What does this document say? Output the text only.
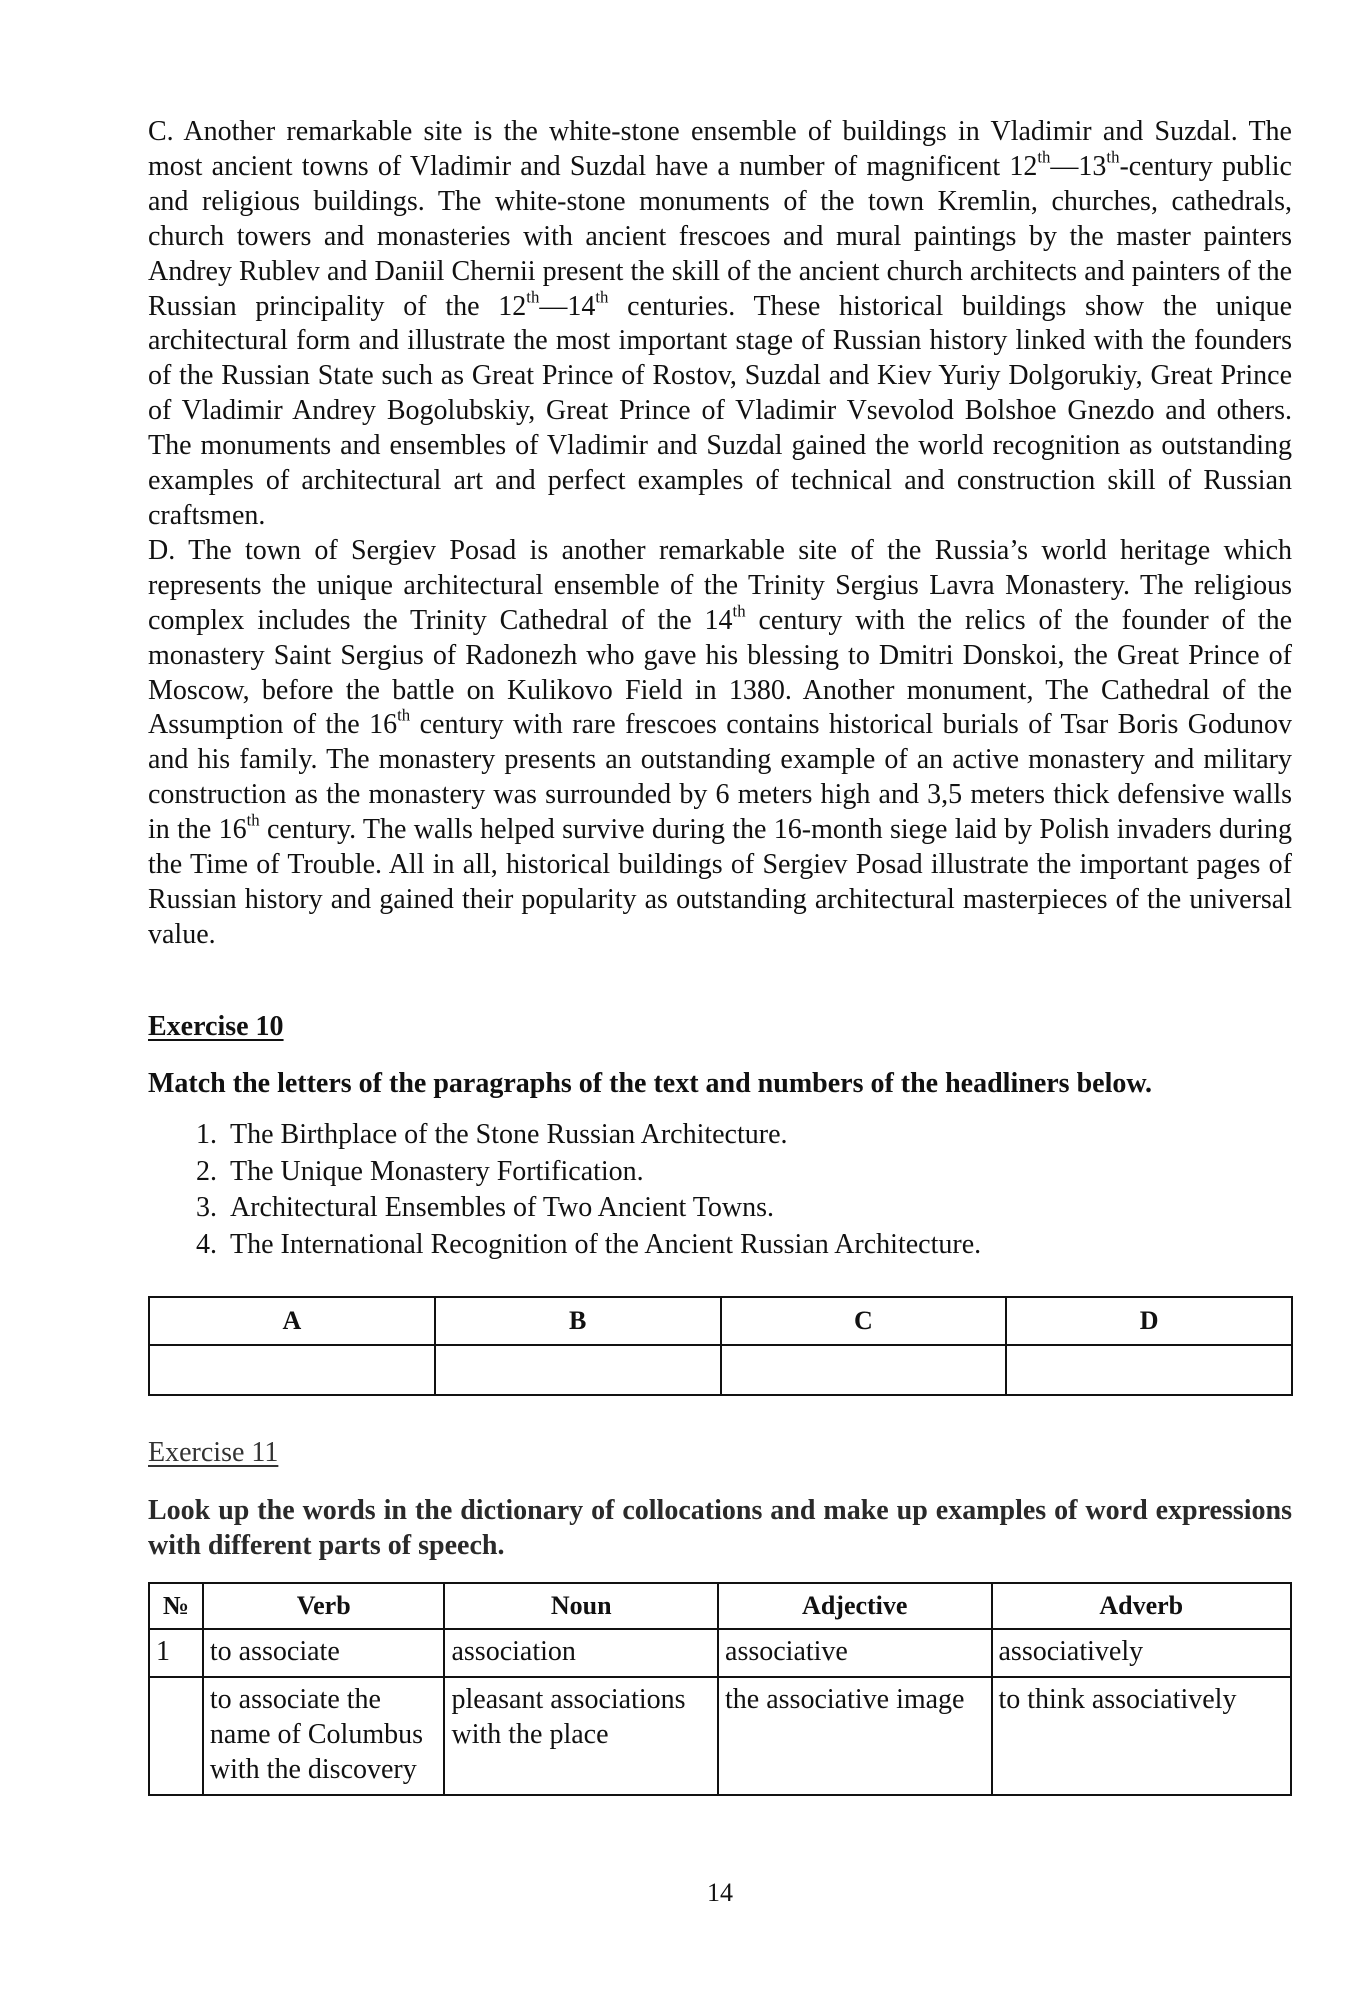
C. Another remarkable site is the white-stone ensemble of buildings in Vladimir and Suzdal. The most ancient towns of Vladimir and Suzdal have a number of magnificent 12th—13th-century public and religious buildings. The white-stone monuments of the town Kremlin, churches, cathedrals, church towers and monasteries with ancient frescoes and mural paintings by the master painters Andrey Rublev and Daniil Chernii present the skill of the ancient church architects and painters of the Russian principality of the 12th—14th centuries. These historical buildings show the unique architectural form and illustrate the most important stage of Russian history linked with the founders of the Russian State such as Great Prince of Rostov, Suzdal and Kiev Yuriy Dolgorukiy, Great Prince of Vladimir Andrey Bogolubskiy, Great Prince of Vladimir Vsevolod Bolshoe Gnezdo and others. The monuments and ensembles of Vladimir and Suzdal gained the world recognition as outstanding examples of architectural art and perfect examples of technical and construction skill of Russian craftsmen.

D. The town of Sergiev Posad is another remarkable site of the Russia’s world heritage which represents the unique architectural ensemble of the Trinity Sergius Lavra Monastery. The religious complex includes the Trinity Cathedral of the 14th century with the relics of the founder of the monastery Saint Sergius of Radonezh who gave his blessing to Dmitri Donskoi, the Great Prince of Moscow, before the battle on Kulikovo Field in 1380. Another monument, The Cathedral of the Assumption of the 16th century with rare frescoes contains historical burials of Tsar Boris Godunov and his family. The monastery presents an outstanding example of an active monastery and military construction as the monastery was surrounded by 6 meters high and 3,5 meters thick defensive walls in the 16th century. The walls helped survive during the 16-month siege laid by Polish invaders during the Time of Trouble. All in all, historical buildings of Sergiev Posad illustrate the important pages of Russian history and gained their popularity as outstanding architectural masterpieces of the universal value.

Exercise 10
Match the letters of the paragraphs of the text and numbers of the headliners below.
1. The Birthplace of the Stone Russian Architecture.
2. The Unique Monastery Fortification.
3. Architectural Ensembles of Two Ancient Towns.
4. The International Recognition of the Ancient Russian Architecture.
A	B	C	D

Exercise 11
Look up the words in the dictionary of collocations and make up examples of word expressions with different parts of speech.
№	Verb	Noun	Adjective	Adverb
1	to associate	association	associative	associatively
	to associate the name of Columbus with the discovery	pleasant associations with the place	the associative image	to think associatively
14
